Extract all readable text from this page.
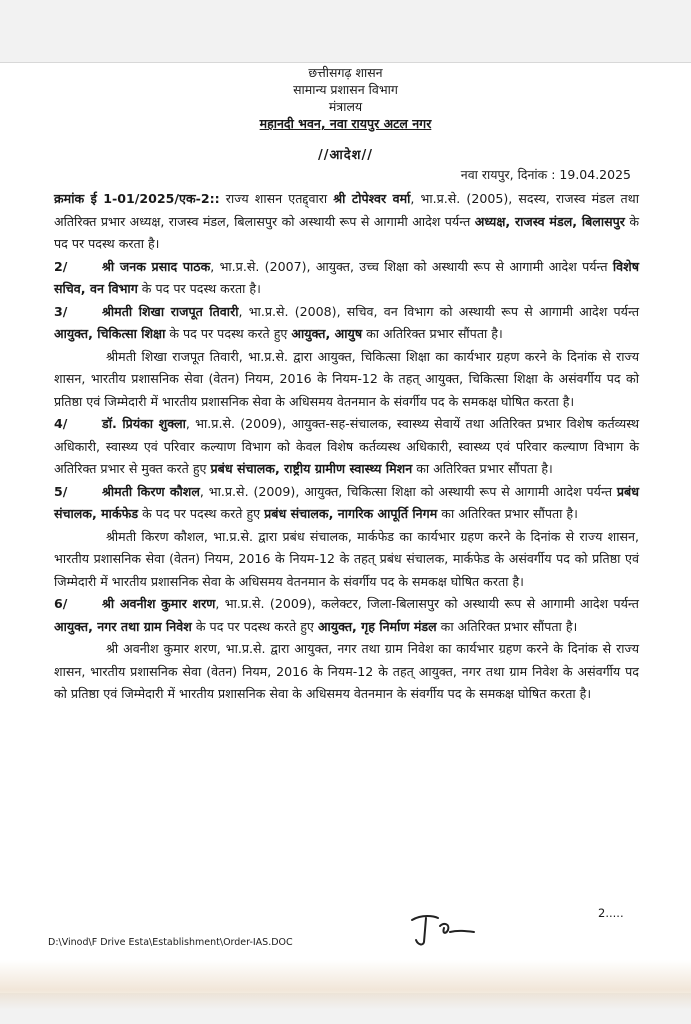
छत्तीसगढ़ शासन
सामान्य प्रशासन विभाग
मंत्रालय
महानदी भवन, नवा रायपुर अटल नगर
//आदेश//
नवा रायपुर, दिनांक : 19.04.2025

क्रमांक ई 1-01/2025/एक-2:: राज्य शासन एतद्द्वारा श्री टोपेश्वर वर्मा, भा.प्र.से. (2005), सदस्य, राजस्व मंडल तथा अतिरिक्त प्रभार अध्यक्ष, राजस्व मंडल, बिलासपुर को अस्थायी रूप से आगामी आदेश पर्यन्त अध्यक्ष, राजस्व मंडल, बिलासपुर के पद पर पदस्थ करता है।

2/	श्री जनक प्रसाद पाठक, भा.प्र.से. (2007), आयुक्त, उच्च शिक्षा को अस्थायी रूप से आगामी आदेश पर्यन्त विशेष सचिव, वन विभाग के पद पर पदस्थ करता है।

3/	श्रीमती शिखा राजपूत तिवारी, भा.प्र.से. (2008), सचिव, वन विभाग को अस्थायी रूप से आगामी आदेश पर्यन्त आयुक्त, चिकित्सा शिक्षा के पद पर पदस्थ करते हुए आयुक्त, आयुष का अतिरिक्त प्रभार सौंपता है।

श्रीमती शिखा राजपूत तिवारी, भा.प्र.से. द्वारा आयुक्त, चिकित्सा शिक्षा का कार्यभार ग्रहण करने के दिनांक से राज्य शासन, भारतीय प्रशासनिक सेवा (वेतन) नियम, 2016 के नियम-12 के तहत् आयुक्त, चिकित्सा शिक्षा के असंवर्गीय पद को प्रतिष्ठा एवं जिम्मेदारी में भारतीय प्रशासनिक सेवा के अधिसमय वेतनमान के संवर्गीय पद के समकक्ष घोषित करता है।

4/	डॉ. प्रियंका शुक्ला, भा.प्र.से. (2009), आयुक्त-सह-संचालक, स्वास्थ्य सेवायें तथा अतिरिक्त प्रभार विशेष कर्तव्यस्थ अधिकारी, स्वास्थ्य एवं परिवार कल्याण विभाग को केवल विशेष कर्तव्यस्थ अधिकारी, स्वास्थ्य एवं परिवार कल्याण विभाग के अतिरिक्त प्रभार से मुक्त करते हुए प्रबंध संचालक, राष्ट्रीय ग्रामीण स्वास्थ्य मिशन का अतिरिक्त प्रभार सौंपता है।

5/	श्रीमती किरण कौशल, भा.प्र.से. (2009), आयुक्त, चिकित्सा शिक्षा को अस्थायी रूप से आगामी आदेश पर्यन्त प्रबंध संचालक, मार्कफेड के पद पर पदस्थ करते हुए प्रबंध संचालक, नागरिक आपूर्ति निगम का अतिरिक्त प्रभार सौंपता है।

श्रीमती किरण कौशल, भा.प्र.से. द्वारा प्रबंध संचालक, मार्कफेड का कार्यभार ग्रहण करने के दिनांक से राज्य शासन, भारतीय प्रशासनिक सेवा (वेतन) नियम, 2016 के नियम-12 के तहत् प्रबंध संचालक, मार्कफेड के असंवर्गीय पद को प्रतिष्ठा एवं जिम्मेदारी में भारतीय प्रशासनिक सेवा के अधिसमय वेतनमान के संवर्गीय पद के समकक्ष घोषित करता है।

6/	श्री अवनीश कुमार शरण, भा.प्र.से. (2009), कलेक्टर, जिला-बिलासपुर को अस्थायी रूप से आगामी आदेश पर्यन्त आयुक्त, नगर तथा ग्राम निवेश के पद पर पदस्थ करते हुए आयुक्त, गृह निर्माण मंडल का अतिरिक्त प्रभार सौंपता है।

श्री अवनीश कुमार शरण, भा.प्र.से. द्वारा आयुक्त, नगर तथा ग्राम निवेश का कार्यभार ग्रहण करने के दिनांक से राज्य शासन, भारतीय प्रशासनिक सेवा (वेतन) नियम, 2016 के नियम-12 के तहत् आयुक्त, नगर तथा ग्राम निवेश के असंवर्गीय पद को प्रतिष्ठा एवं जिम्मेदारी में भारतीय प्रशासनिक सेवा के अधिसमय वेतनमान के संवर्गीय पद के समकक्ष घोषित करता है।

2.....
D:\Vinod\F Drive Esta\Establishment\Order-IAS.DOC
